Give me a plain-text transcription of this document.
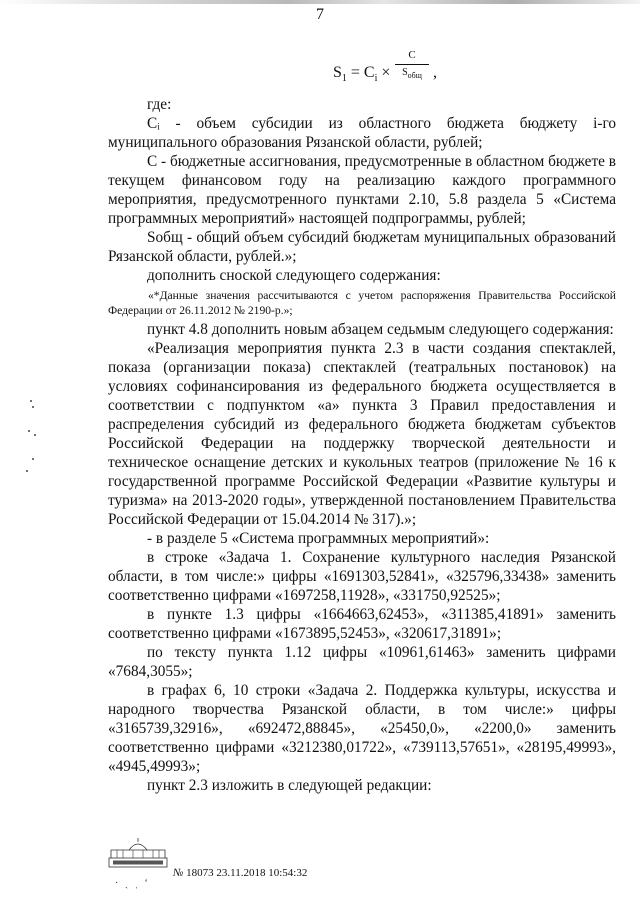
7
$S_1 = C_i$ ×
C
$S_{общ}$ ,

где:

Cᵢ - объем субсидии из областного бюджета бюджету i-го муниципального образования Рязанской области, рублей;

С - бюджетные ассигнования, предусмотренные в областном бюджете в текущем финансовом году на реализацию каждого программного мероприятия, предусмотренного пунктами 2.10, 5.8 раздела 5 «Система программных мероприятий» настоящей подпрограммы, рублей;

Sобщ - общий объем субсидий бюджетам муниципальных образований Рязанской области, рублей.»;

дополнить сноской следующего содержания:

«*Данные значения рассчитываются с учетом распоряжения Правительства Российской Федерации от 26.11.2012 № 2190-р.»;

пункт 4.8 дополнить новым абзацем седьмым следующего содержания:

«Реализация мероприятия пункта 2.3 в части создания спектаклей, показа (организации показа) спектаклей (театральных постановок) на условиях софинансирования из федерального бюджета осуществляется в соответствии с подпунктом «а» пункта 3 Правил предоставления и распределения субсидий из федерального бюджета бюджетам субъектов Российской Федерации на поддержку творческой деятельности и техническое оснащение детских и кукольных театров (приложение № 16 к государственной программе Российской Федерации «Развитие культуры и туризма» на 2013-2020 годы», утвержденной постановлением Правительства Российской Федерации от 15.04.2014 № 317).»;

- в разделе 5 «Система программных мероприятий»:

в строке «Задача 1. Сохранение культурного наследия Рязанской области, в том числе:» цифры «1691303,52841», «325796,33438» заменить соответственно цифрами «1697258,11928», «331750,92525»;

в пункте 1.3 цифры «1664663,62453», «311385,41891» заменить соответственно цифрами «1673895,52453», «320617,31891»;

по тексту пункта 1.12 цифры «10961,61463» заменить цифрами «7684,3055»;

в графах 6, 10 строки «Задача 2. Поддержка культуры, искусства и народного творчества Рязанской области, в том числе:» цифры «3165739,32916», «692472,88845», «25450,0», «2200,0» заменить соответственно цифрами «3212380,01722», «739113,57651», «28195,49993», «4945,49993»;

пункт 2.3 изложить в следующей редакции:

№ 18073 23.11.2018 10:54:32
· ˎ ˌ ʻ
